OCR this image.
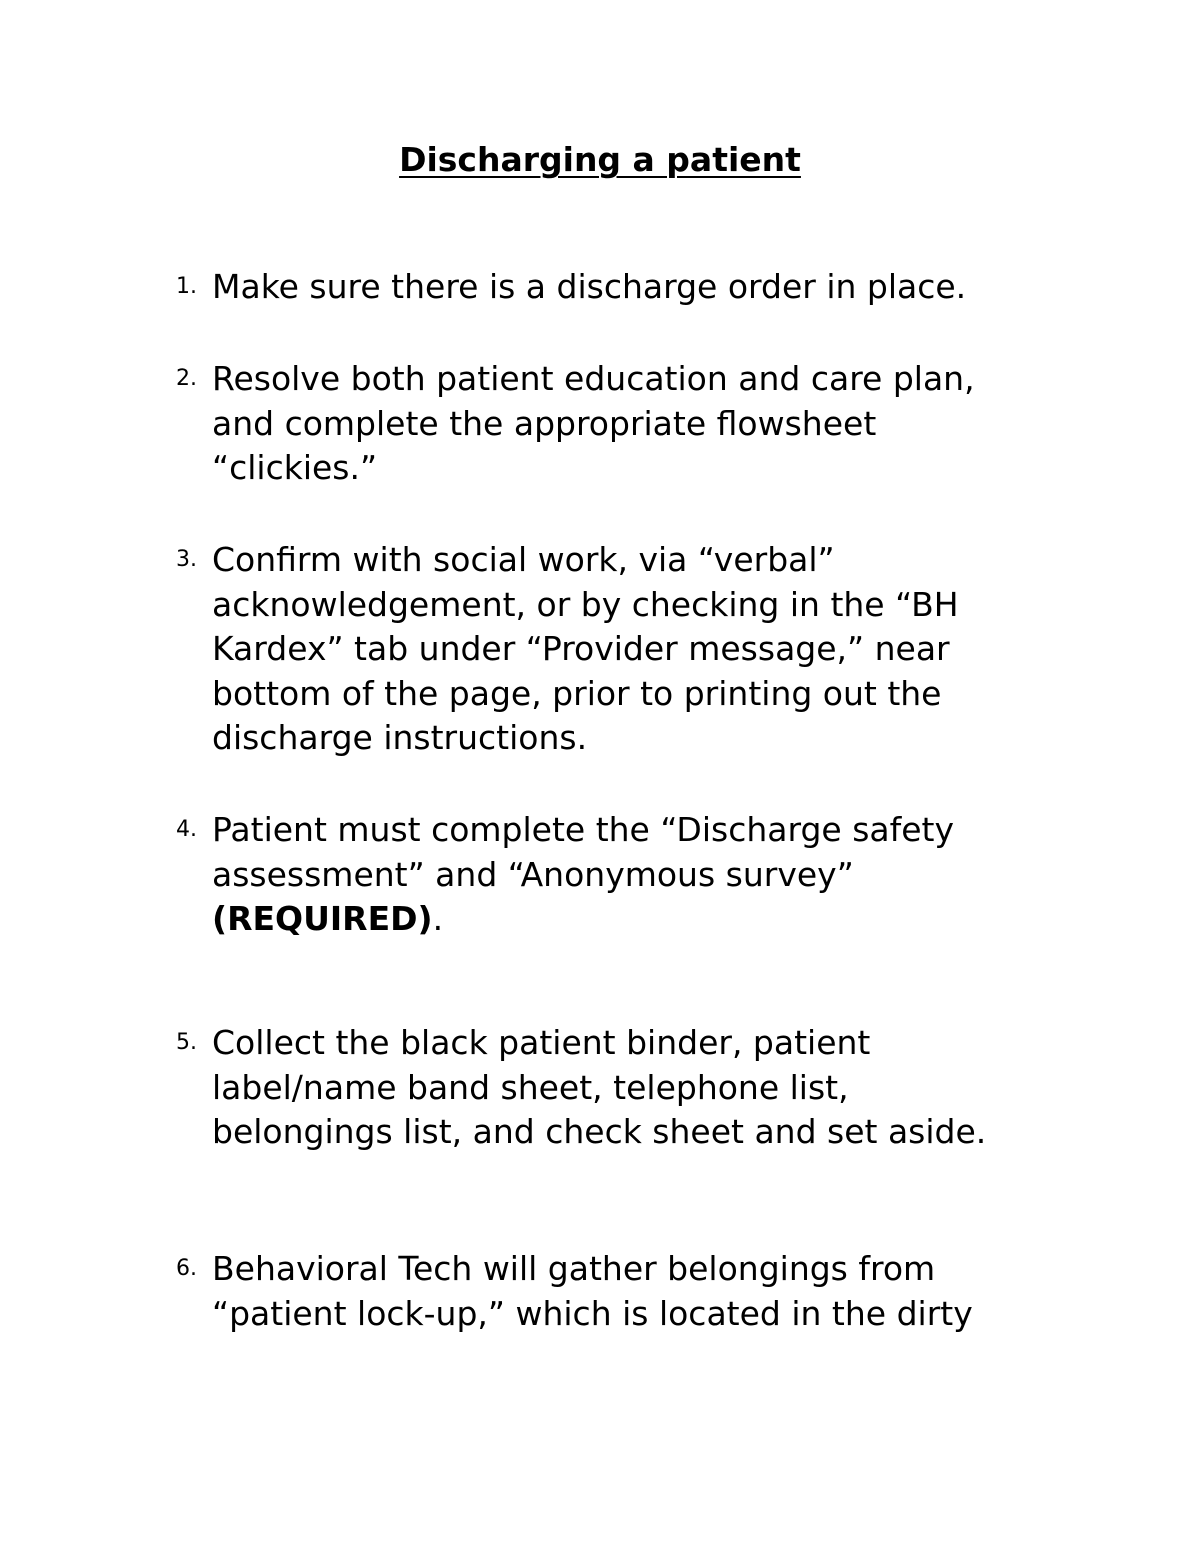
Discharging a patient
1. Make sure there is a discharge order in place.
2. Resolve both patient education and care plan,
and complete the appropriate flowsheet
“clickies.”
3. Confirm with social work, via “verbal”
acknowledgement, or by checking in the “BH
Kardex” tab under “Provider message,” near
bottom of the page, prior to printing out the
discharge instructions.
4. Patient must complete the “Discharge safety
assessment” and “Anonymous survey”
(REQUIRED).
5. Collect the black patient binder, patient
label/name band sheet, telephone list,
belongings list, and check sheet and set aside.
6. Behavioral Tech will gather belongings from
“patient lock-up,” which is located in the dirty
